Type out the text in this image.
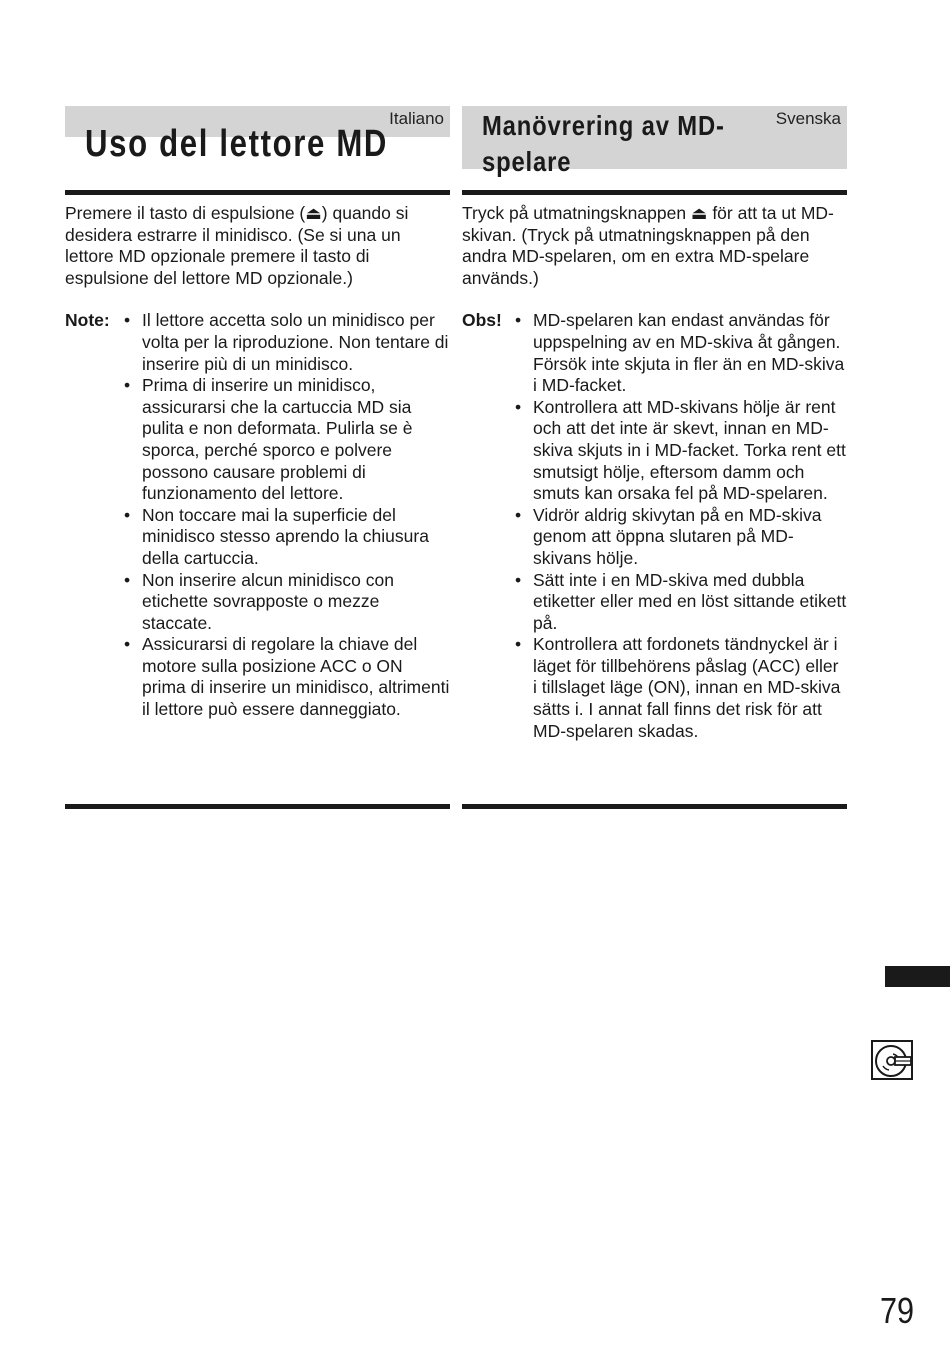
Italiano
Uso del lettore MD

Premere il tasto di espulsione (⏏) quando si desidera estrarre il minidisco. (Se si una un lettore MD opzionale premere il tasto di espulsione del lettore MD opzionale.)

Note:	• Il lettore accetta solo un minidisco per volta per la riproduzione. Non tentare di inserire più di un minidisco.
• Prima di inserire un minidisco, assicurarsi che la cartuccia MD sia pulita e non deformata. Pulirla se è sporca, perché sporco e polvere possono causare problemi di funzionamento del lettore.
• Non toccare mai la superficie del minidisco stesso aprendo la chiusura della cartuccia.
• Non inserire alcun minidisco con etichette sovrapposte o mezze staccate.
• Assicurarsi di regolare la chiave del motore sulla posizione ACC o ON prima di inserire un minidisco, altrimenti il lettore può essere danneggiato.
Svenska
Manövrering av MD-spelare

Tryck på utmatningsknappen ⏏ för att ta ut MD-skivan. (Tryck på utmatningsknappen på den andra MD-spelaren, om en extra MD-spelare används.)

Obs!	• MD-spelaren kan endast användas för uppspelning av en MD-skiva åt gången. Försök inte skjuta in fler än en MD-skiva i MD-facket.
• Kontrollera att MD-skivans hölje är rent och att det inte är skevt, innan en MD-skiva skjuts in i MD-facket. Torka rent ett smutsigt hölje, eftersom damm och smuts kan orsaka fel på MD-spelaren.
• Vidrör aldrig skivytan på en MD-skiva genom att öppna slutaren på MD-skivans hölje.
• Sätt inte i en MD-skiva med dubbla etiketter eller med en löst sittande etikett på.
• Kontrollera att fordonets tändnyckel är i läget för tillbehörens påslag (ACC) eller i tillslaget läge (ON), innan en MD-skiva sätts i. I annat fall finns det risk för att MD-spelaren skadas.
79
